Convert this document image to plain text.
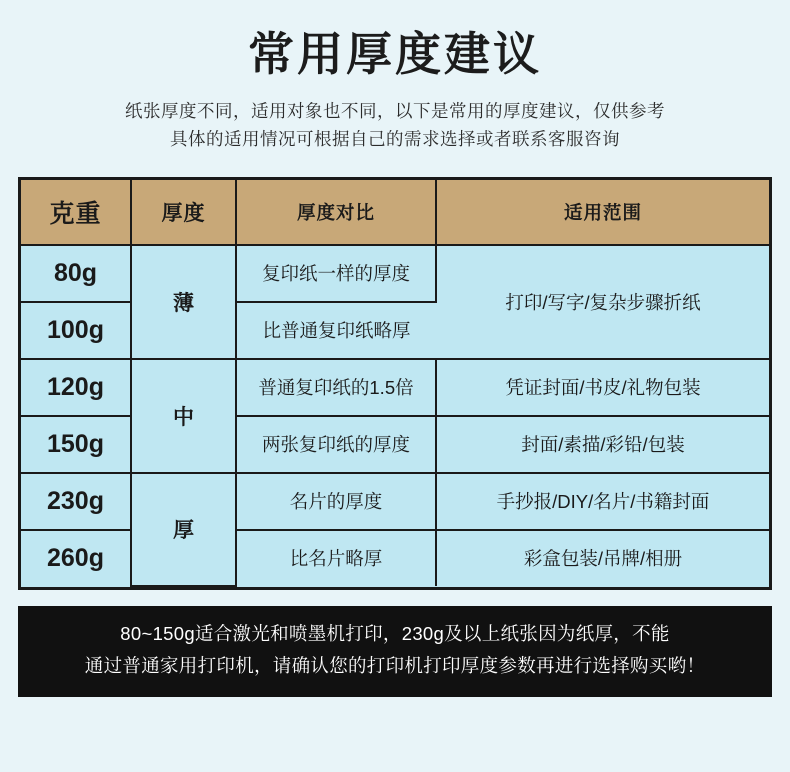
常用厚度建议
纸张厚度不同，适用对象也不同，以下是常用的厚度建议，仅供参考
具体的适用情况可根据自己的需求选择或者联系客服咨询
克重	厚度	厚度对比	适用范围
80g	薄	复印纸一样的厚度	打印/写字/复杂步骤折纸
100g		比普通复印纸略厚	
120g	中	普通复印纸的1.5倍	凭证封面/书皮/礼物包装
150g		两张复印纸的厚度	封面/素描/彩铅/包装
230g	厚	名片的厚度	手抄报/DIY/名片/书籍封面
260g		比名片略厚	彩盒包装/吊牌/相册
80~150g适合激光和喷墨机打印，230g及以上纸张因为纸厚，不能
通过普通家用打印机，请确认您的打印机打印厚度参数再进行选择购买哟！
